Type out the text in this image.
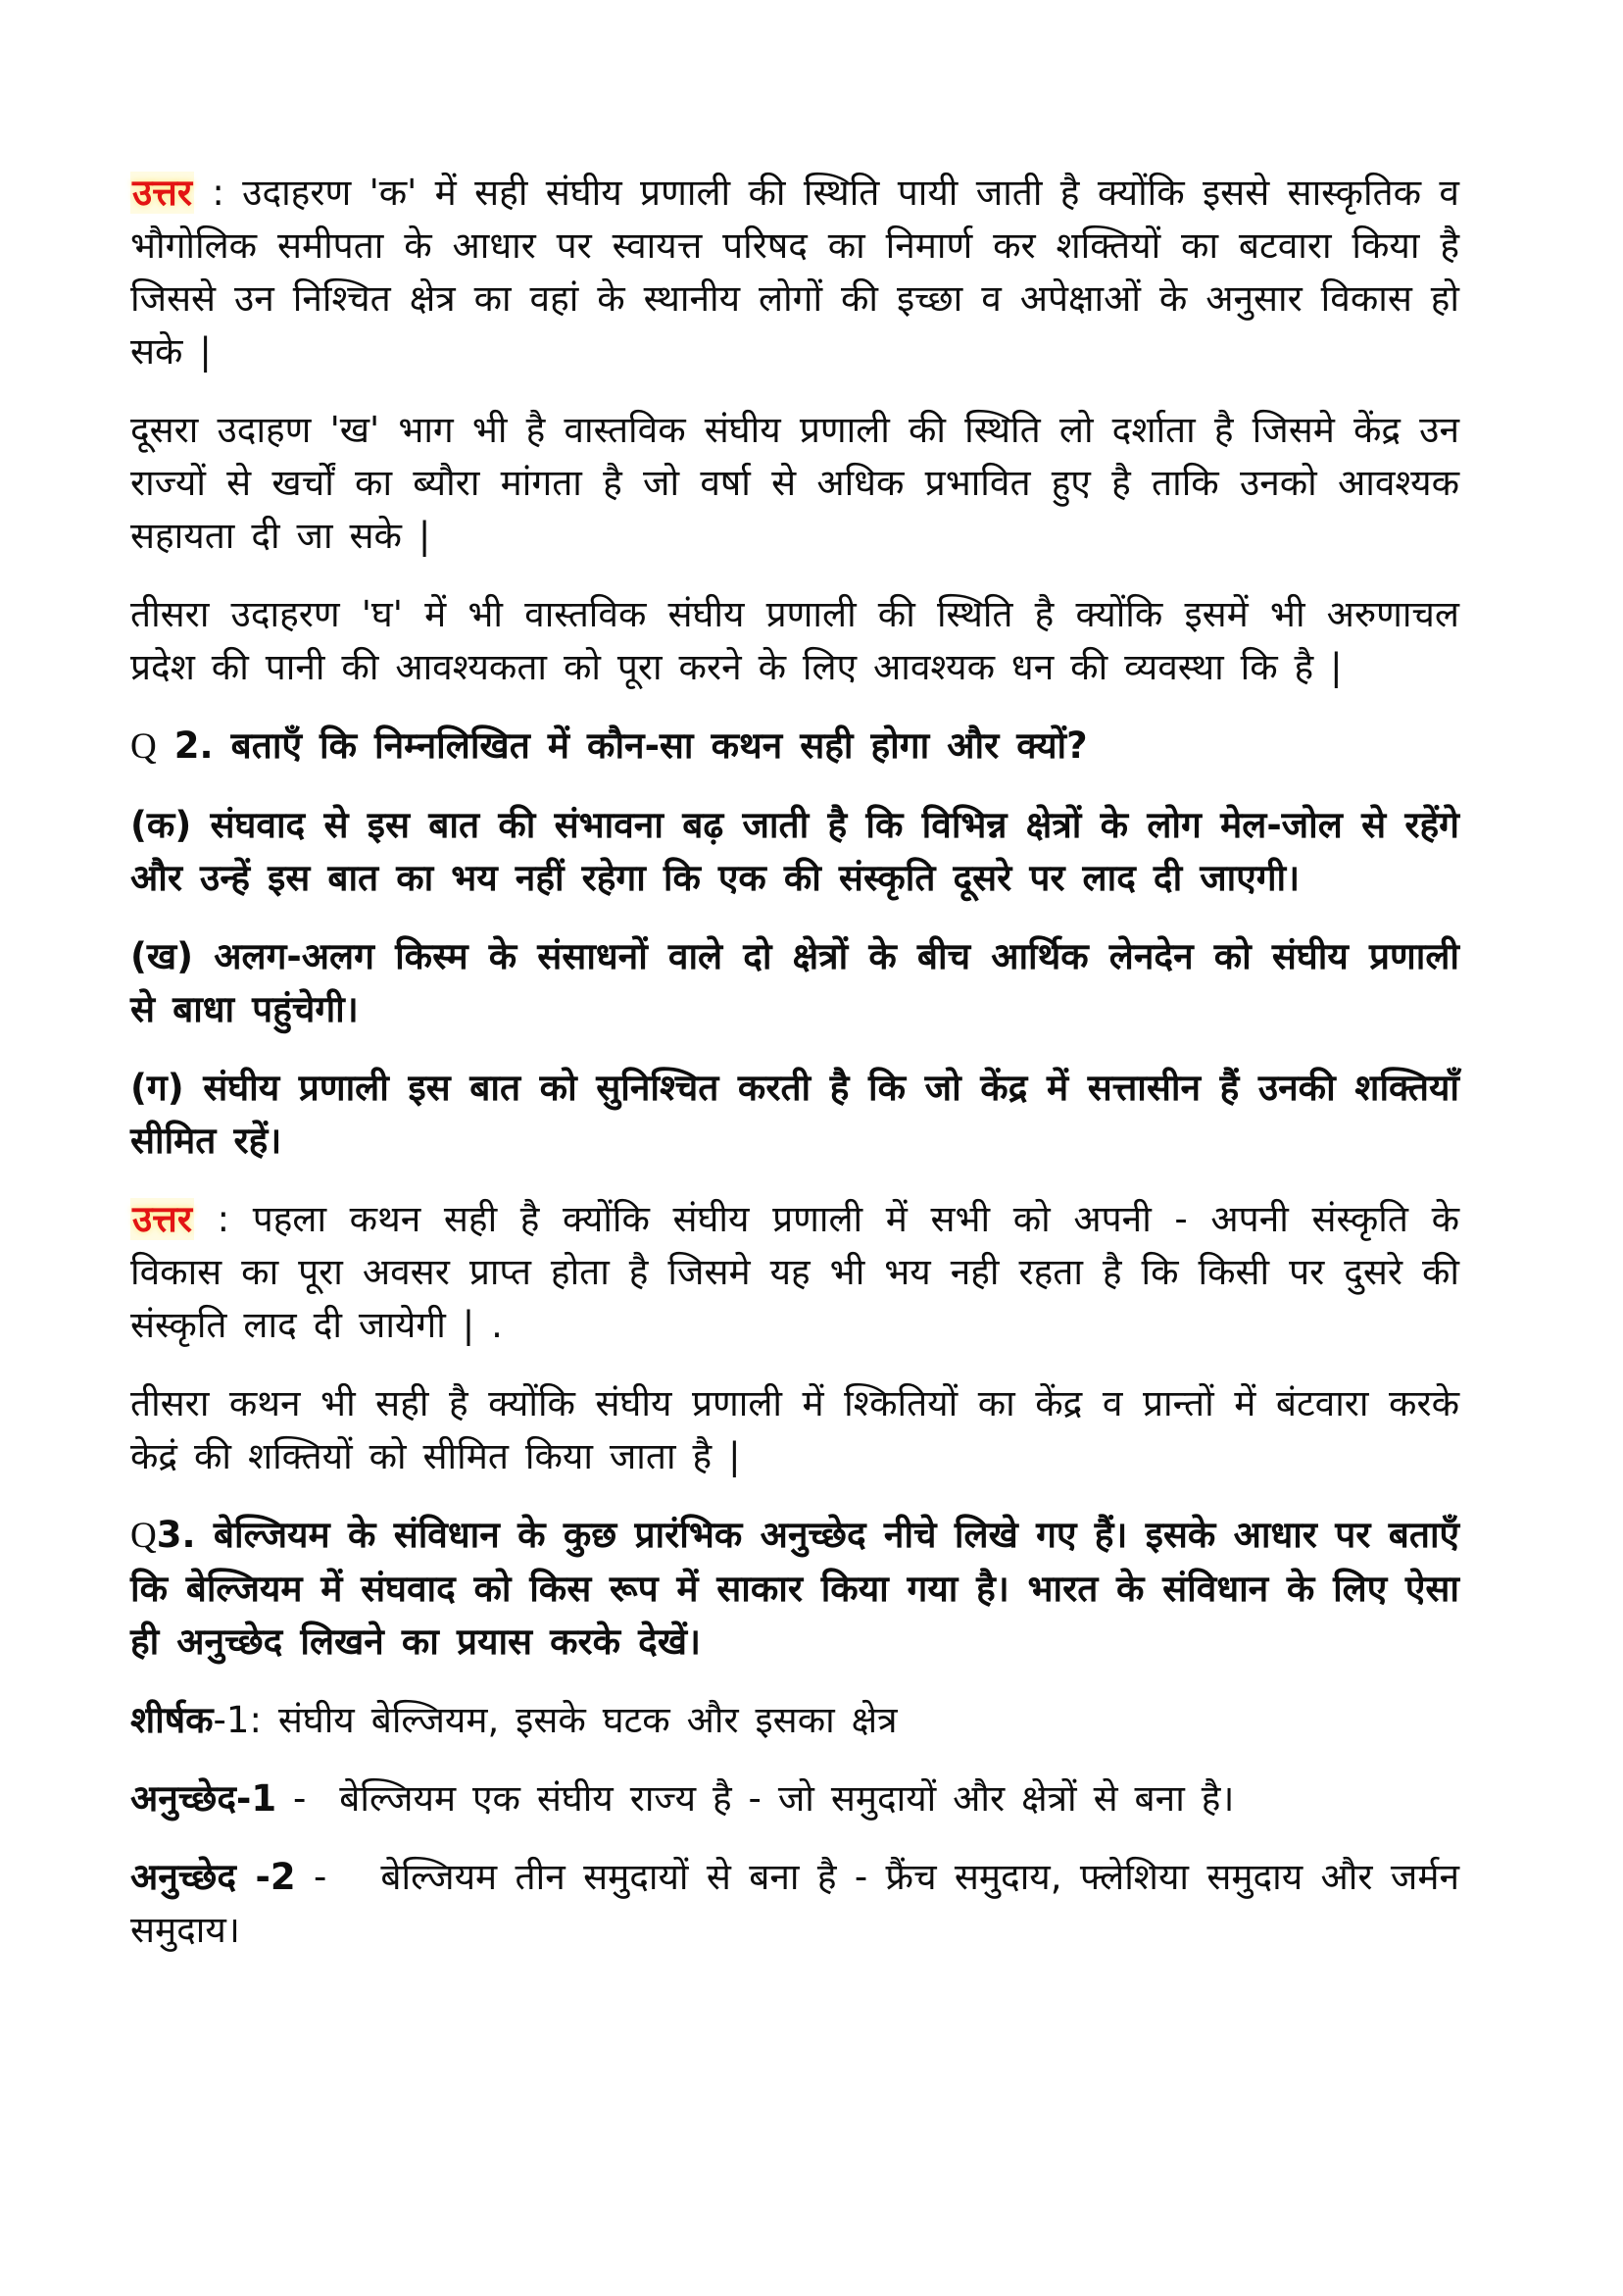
उत्तर : उदाहरण 'क' में सही संघीय प्रणाली की स्थिति पायी जाती है क्योंकि इससे सास्कृतिक व भौगोलिक समीपता के आधार पर स्वायत्त परिषद का निमार्ण कर शक्तियों का बटवारा किया है जिससे उन निश्चित क्षेत्र का वहां के स्थानीय लोगों की इच्छा व अपेक्षाओं के अनुसार विकास हो सके |

दूसरा उदाहण 'ख' भाग भी है वास्तविक संघीय प्रणाली की स्थिति लो दर्शाता है जिसमे केंद्र उन राज्यों से खर्चों का ब्यौरा मांगता है जो वर्षा से अधिक प्रभावित हुए है ताकि उनको आवश्यक सहायता दी जा सके |

तीसरा उदाहरण 'घ' में भी वास्तविक संघीय प्रणाली की स्थिति है क्योंकि इसमें भी अरुणाचल प्रदेश की पानी की आवश्यकता को पूरा करने के लिए आवश्यक धन की व्यवस्था कि है |

Q 2. बताएँ कि निम्नलिखित में कौन-सा कथन सही होगा और क्यों?

(क) संघवाद से इस बात की संभावना बढ़ जाती है कि विभिन्न क्षेत्रों के लोग मेल-जोल से रहेंगे और उन्हें इस बात का भय नहीं रहेगा कि एक की संस्कृति दूसरे पर लाद दी जाएगी।

(ख) अलग-अलग किस्म के संसाधनों वाले दो क्षेत्रों के बीच आर्थिक लेनदेन को संघीय प्रणाली से बाधा पहुंचेगी।

(ग) संघीय प्रणाली इस बात को सुनिश्चित करती है कि जो केंद्र में सत्तासीन हैं उनकी शक्तियाँ सीमित रहें।

उत्तर : पहला कथन सही है क्योंकि संघीय प्रणाली में सभी को अपनी - अपनी संस्कृति के विकास का पूरा अवसर प्राप्त होता है जिसमे यह भी भय नही रहता है कि किसी पर दुसरे की संस्कृति लाद दी जायेगी | .

तीसरा कथन भी सही है क्योंकि संघीय प्रणाली में श्कितियों का केंद्र व प्रान्तों में बंटवारा करके केद्रं की शक्तियों को सीमित किया जाता है |

Q3. बेल्जियम के संविधान के कुछ प्रारंभिक अनुच्छेद नीचे लिखे गए हैं। इसके आधार पर बताएँ कि बेल्जियम में संघवाद को किस रूप में साकार किया गया है। भारत के संविधान के लिए ऐसा ही अनुच्छेद लिखने का प्रयास करके देखें।

शीर्षक-1: संघीय बेल्जियम, इसके घटक और इसका क्षेत्र

अनुच्छेद-1 -  बेल्जियम एक संघीय राज्य है - जो समुदायों और क्षेत्रों से बना है।

अनुच्छेद -2 -   बेल्जियम तीन समुदायों से बना है - फ्रैंच समुदाय, फ्लेशिया समुदाय और जर्मन समुदाय।
